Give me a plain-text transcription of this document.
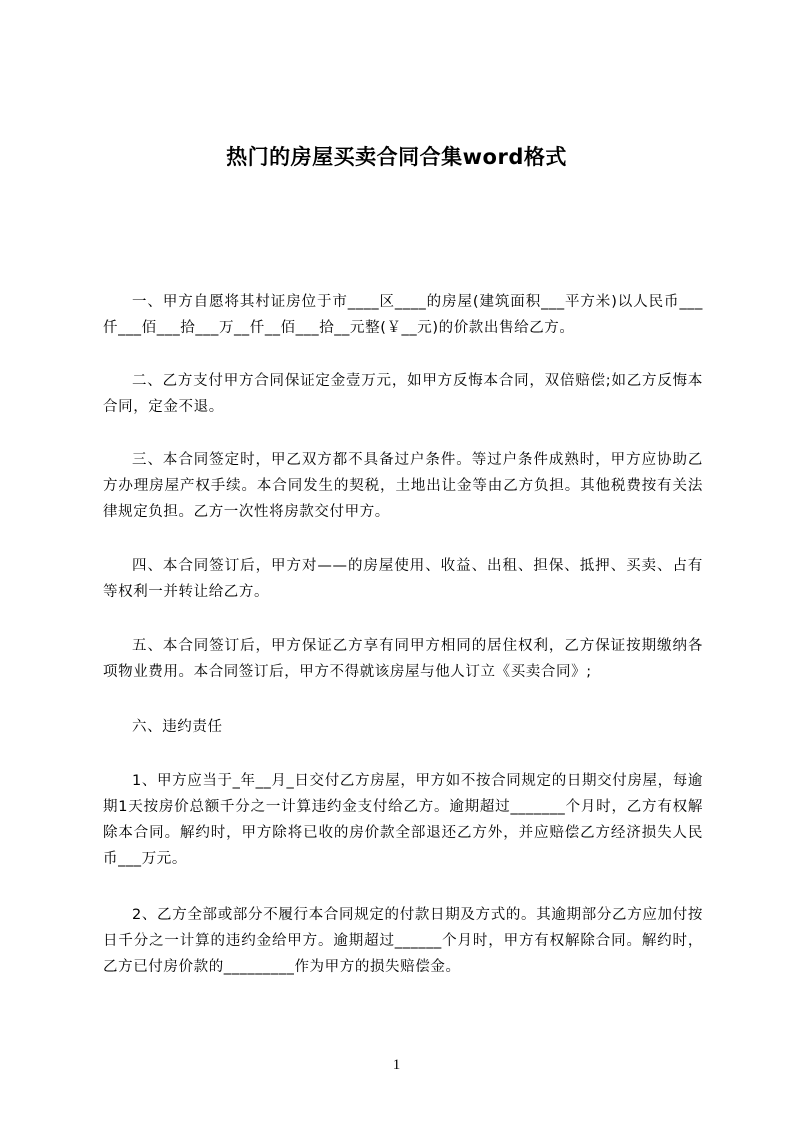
热门的房屋买卖合同合集word格式

一、甲方自愿将其村证房位于市____区____的房屋(建筑面积___平方米)以人民币___仟___佰___拾___万__仟__佰___拾__元整(￥__元)的价款出售给乙方。

二、乙方支付甲方合同保证定金壹万元，如甲方反悔本合同，双倍赔偿;如乙方反悔本合同，定金不退。

三、本合同签定时，甲乙双方都不具备过户条件。等过户条件成熟时，甲方应协助乙方办理房屋产权手续。本合同发生的契税，土地出让金等由乙方负担。其他税费按有关法律规定负担。乙方一次性将房款交付甲方。

四、本合同签订后，甲方对——的房屋使用、收益、出租、担保、抵押、买卖、占有等权利一并转让给乙方。

五、本合同签订后，甲方保证乙方享有同甲方相同的居住权利，乙方保证按期缴纳各项物业费用。本合同签订后，甲方不得就该房屋与他人订立《买卖合同》;

六、违约责任

1、甲方应当于_年__月_日交付乙方房屋，甲方如不按合同规定的日期交付房屋，每逾期1天按房价总额千分之一计算违约金支付给乙方。逾期超过_______个月时，乙方有权解除本合同。解约时，甲方除将已收的房价款全部退还乙方外，并应赔偿乙方经济损失人民币___万元。

2、乙方全部或部分不履行本合同规定的付款日期及方式的。其逾期部分乙方应加付按日千分之一计算的违约金给甲方。逾期超过______个月时，甲方有权解除合同。解约时，乙方已付房价款的_________作为甲方的损失赔偿金。

1
